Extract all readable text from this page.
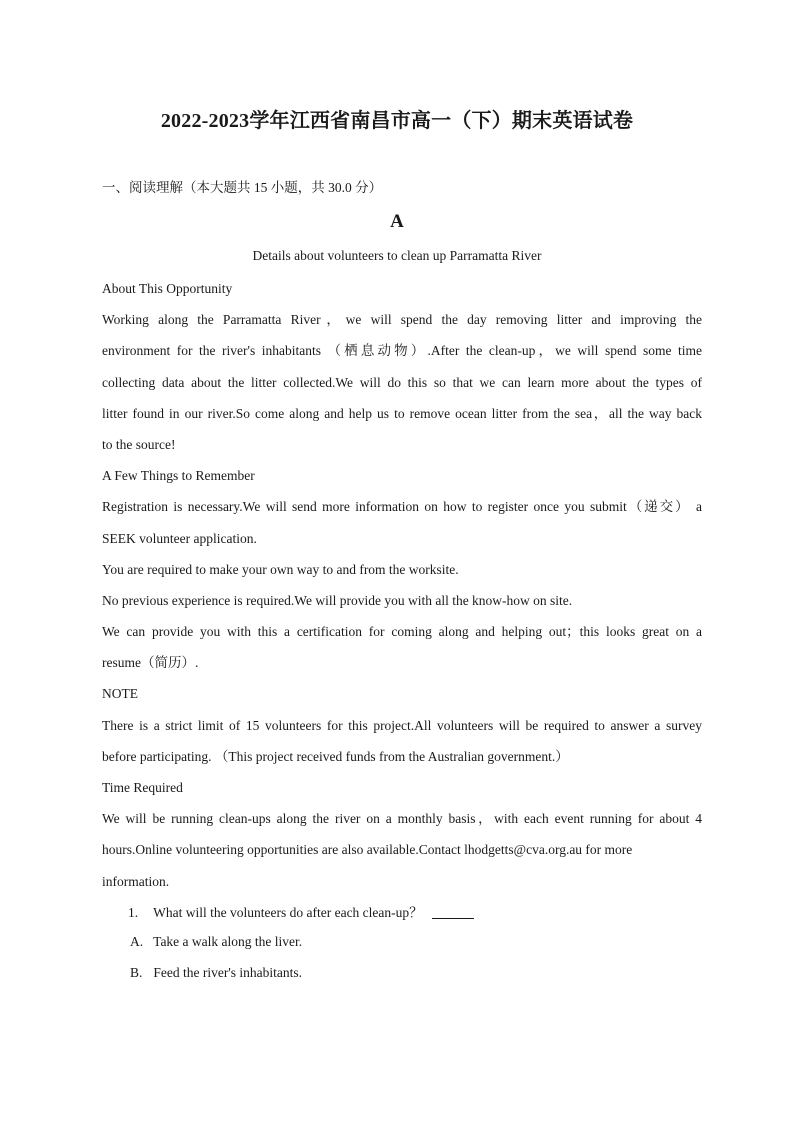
2022-2023学年江西省南昌市高一（下）期末英语试卷
一、阅读理解（本大题共 15 小题，共 30.0 分）
A
Details about volunteers to clean up Parramatta River
About This Opportunity
Working along the Parramatta River，we will spend the day removing litter and improving the
environment for the river's inhabitants （栖息动物）.After the clean-up，we will spend some time
collecting data about the litter collected.We will do this so that we can learn more about the types of
litter found in our river.So come along and help us to remove ocean litter from the sea，all the way back
to the source!
A Few Things to Remember
Registration is necessary.We will send more information on how to register once you submit（递交） a
SEEK volunteer application.
You are required to make your own way to and from the worksite.
No previous experience is required.We will provide you with all the know-how on site.
We can provide you with this a certification for coming along and helping out；this looks great on a
resume（简历）.
NOTE
There is a strict limit of 15 volunteers for this project.All volunteers will be required to answer a survey
before participating. （This project received funds from the Australian government.）
Time Required
We will be running clean-ups along the river on a monthly basis，with each event running for about 4
hours.Online volunteering opportunities are also available.Contact lhodgetts@cva.org.au for more
information.
1. What will the volunteers do after each clean-up？
A. Take a walk along the liver.
B. Feed the river's inhabitants.
